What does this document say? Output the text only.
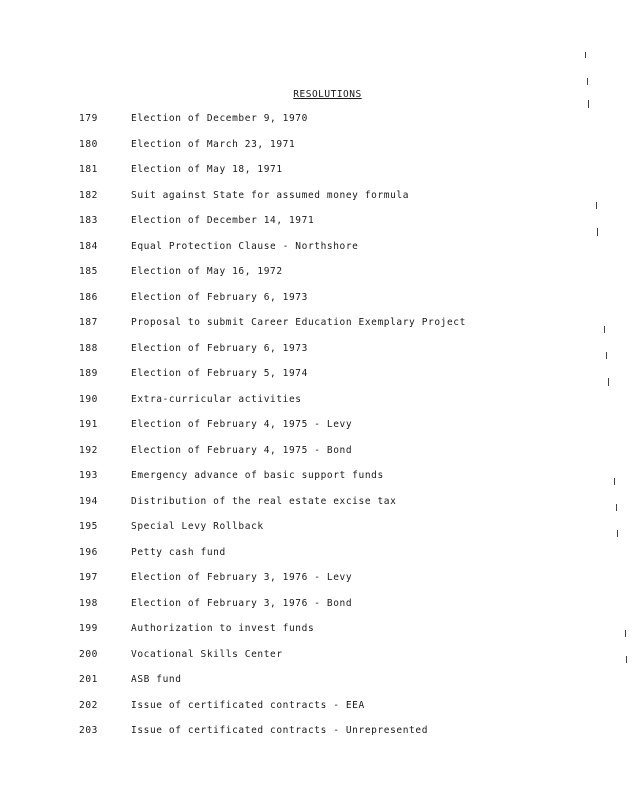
RESOLUTIONS
179	Election of December 9, 1970
180	Election of March 23, 1971
181	Election of May 18, 1971
182	Suit against State for assumed money formula
183	Election of December 14, 1971
184	Equal Protection Clause - Northshore
185	Election of May 16, 1972
186	Election of February 6, 1973
187	Proposal to submit Career Education Exemplary Project
188	Election of February 6, 1973
189	Election of February 5, 1974
190	Extra-curricular activities
191	Election of February 4, 1975 - Levy
192	Election of February 4, 1975 - Bond
193	Emergency advance of basic support funds
194	Distribution of the real estate excise tax
195	Special Levy Rollback
196	Petty cash fund
197	Election of February 3, 1976 - Levy
198	Election of February 3, 1976 - Bond
199	Authorization to invest funds
200	Vocational Skills Center
201	ASB fund
202	Issue of certificated contracts - EEA
203	Issue of certificated contracts - Unrepresented
